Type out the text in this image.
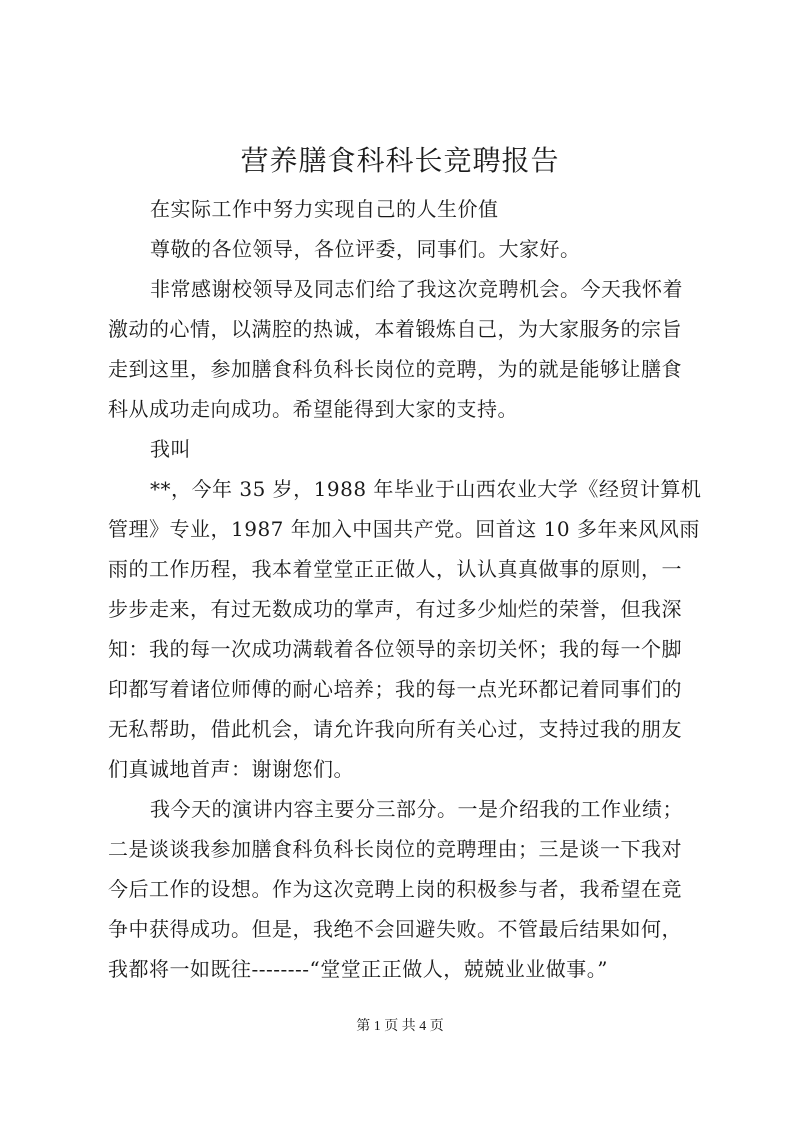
营养膳食科科长竞聘报告

在实际工作中努力实现自己的人生价值

尊敬的各位领导，各位评委，同事们。大家好。

非常感谢校领导及同志们给了我这次竞聘机会。今天我怀着

激动的心情，以满腔的热诚，本着锻炼自己，为大家服务的宗旨

走到这里，参加膳食科负科长岗位的竞聘，为的就是能够让膳食

科从成功走向成功。希望能得到大家的支持。

我叫

**，今年 35 岁，1988 年毕业于山西农业大学《经贸计算机

管理》专业，1987 年加入中国共产党。回首这 10 多年来风风雨

雨的工作历程，我本着堂堂正正做人，认认真真做事的原则，一

步步走来，有过无数成功的掌声，有过多少灿烂的荣誉，但我深

知：我的每一次成功满载着各位领导的亲切关怀；我的每一个脚

印都写着诸位师傅的耐心培养；我的每一点光环都记着同事们的

无私帮助，借此机会，请允许我向所有关心过，支持过我的朋友

们真诚地首声：谢谢您们。

我今天的演讲内容主要分三部分。一是介绍我的工作业绩；

二是谈谈我参加膳食科负科长岗位的竞聘理由；三是谈一下我对

今后工作的设想。作为这次竞聘上岗的积极参与者，我希望在竞

争中获得成功。但是，我绝不会回避失败。不管最后结果如何，

我都将一如既往--------“堂堂正正做人，兢兢业业做事。”

第 1 页 共 4 页
